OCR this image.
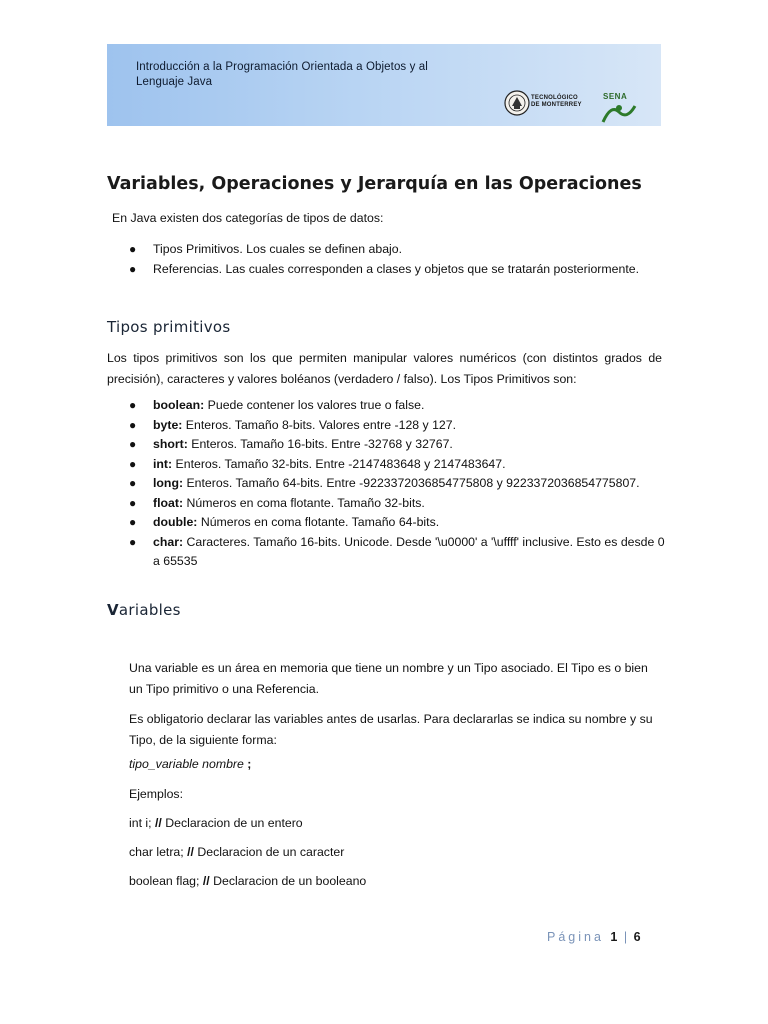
Introducción a la Programación Orientada a Objetos y al
Lenguaje Java
TECNOLÓGICO
DE MONTERREY
SENA
Variables, Operaciones y Jerarquía en las Operaciones
En Java existen dos categorías de tipos de datos:
● Tipos Primitivos. Los cuales se definen abajo.
● Referencias. Las cuales corresponden a clases y objetos que se tratarán posteriormente.
Tipos primitivos
Los tipos primitivos son los que permiten manipular valores numéricos (con distintos grados de precisión), caracteres y valores boléanos (verdadero / falso). Los Tipos Primitivos son:
● boolean: Puede contener los valores true o false.
● byte: Enteros. Tamaño 8-bits. Valores entre -128 y 127.
● short: Enteros. Tamaño 16-bits. Entre -32768 y 32767.
● int: Enteros. Tamaño 32-bits. Entre -2147483648 y 2147483647.
● long: Enteros. Tamaño 64-bits. Entre -9223372036854775808 y 9223372036854775807.
● float: Números en coma flotante. Tamaño 32-bits.
● double: Números en coma flotante. Tamaño 64-bits.
● char: Caracteres. Tamaño 16-bits. Unicode. Desde '\u0000' a '\uffff' inclusive. Esto es desde 0 a 65535
Variables
Una variable es un área en memoria que tiene un nombre y un Tipo asociado. El Tipo es o bien un Tipo primitivo o una Referencia.
Es obligatorio declarar las variables antes de usarlas. Para declararlas se indica su nombre y su Tipo, de la siguiente forma:
tipo_variable nombre ;
Ejemplos:
int i; // Declaracion de un entero
char letra; // Declaracion de un caracter
boolean flag; // Declaracion de un booleano
Página 1 | 6
